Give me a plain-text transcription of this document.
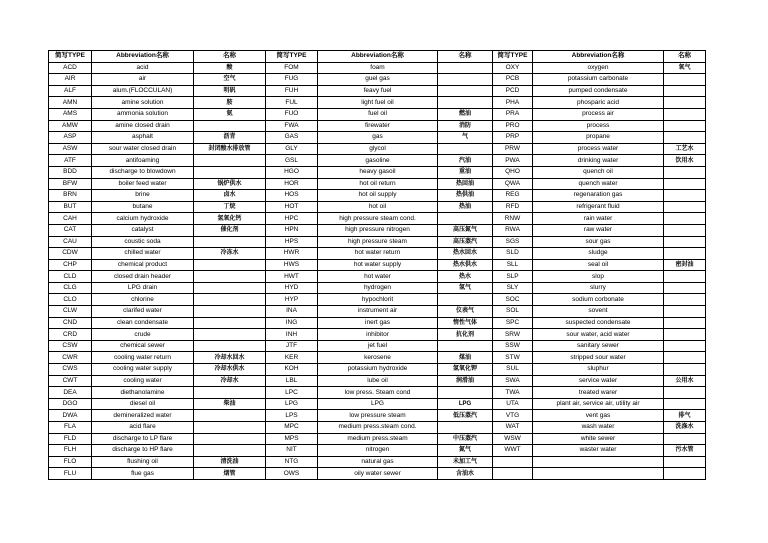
简写TYPE	Abbreviation名称	名称	简写TYPE	Abbreviation名称	名称	简写TYPE	Abbreviation名称	名称
ACD	acid	酸	FOM	foam		OXY	oxygen	氧气
AIR	air	空气	FUG	guel gas		PCB	potassium carbonate	
ALF	alum.(FLOCCULAN)	明矾	FUH	feavy fuel		PCD	pumped condensate	
AMN	amine solution	胺	FUL	light fuel oil		PHA	phosparic acid	
AMS	ammonia solution	氨	FUO	fuel oil	燃油	PRA	process air	
AMW	amine closed drain		FWA	firewater	消防	PRO	process	
ASP	asphalt	沥青	GAS	gas	气	PRP	propane	
ASW	sour water closed drain	封闭酸水排放管	GLY	glycol		PRW	process water	工艺水
ATF	antifoaming		GSL	gasoline	汽油	PWA	drinking water	饮用水
BDD	discharge to blowdown		HGO	heavy gasoil	重油	QHO	quench oil	
BFW	boiler feed water	锅炉供水	HOR	hot oil return	热回油	QWA	quench water	
BRN	brine	卤水	HOS	hot oil supply	热供油	REG	regenaration gas	
BUT	butane	丁烷	HOT	hot oil	热油	RFD	refrigerant fluid	
CAH	calcium hydroxide	氢氧化钙	HPC	high pressure steam cond.		RNW	rain water	
CAT	catalyst	催化剂	HPN	high pressure nitrogen	高压氮气	RWA	raw water	
CAU	coustic soda		HPS	high pressure steam	高压蒸汽	SGS	sour gas	
CDW	chilled water	冷冻水	HWR	hot water return	热水回水	SLD	sludge	
CHP	chemical product		HWS	hot water supply	热水供水	SLL	seal oil	密封油
CLD	closed drain header		HWT	hot water	热水	SLP	slop	
CLG	LPG drain		HYD	hydrogen	氢气	SLY	slurry	
CLO	chlorine		HYP	hypochlorit		SOC	sodium corbonate	
CLW	clarifed water		INA	instrument air	仪表气	SOL	sovent	
CND	clean condensate		ING	inert gas	惰性气体	SPC	suspected condensate	
CRD	crude		INH	inhibitor	抗化剂	SRW	sour water, acid water	
CSW	chemical sewer		JTF	jet fuel		SSW	sanitary sewer	
CWR	cooling water return	冷却水回水	KER	kerosene	煤油	STW	stripped sour water	
CWS	cooling water supply	冷却水供水	KOH	potassium hydroxide	氢氧化钾	SUL	sluphur	
CWT	cooling water	冷却水	LBL	lube oil	润滑油	SWA	service water	公用水
DEA	diethanolamine		LPC	low press. Steam cond		TWA	treated warer	
DGO	diesel oil	柴油	LPG	LPG	LPG	UTA	plant air, service air, utility air	
DWA	demineralized water		LPS	low pressure steam	低压蒸汽	VTG	vent gas	排气
FLA	acid flare		MPC	medium press.steam cond.		WAT	wash water	洗涤水
FLD	discharge to LP flare		MPS	medium press.steam	中压蒸汽	WSW	white sewer	
FLH	discharge to HP flare		NIT	nitrogen	氮气	WWT	waster water	污水管
FLO	flushing oil	清洗油	NTG	natural gas	未加工气			
FLU	flue gas	烟管	OWS	oily water sewer	含油水			
